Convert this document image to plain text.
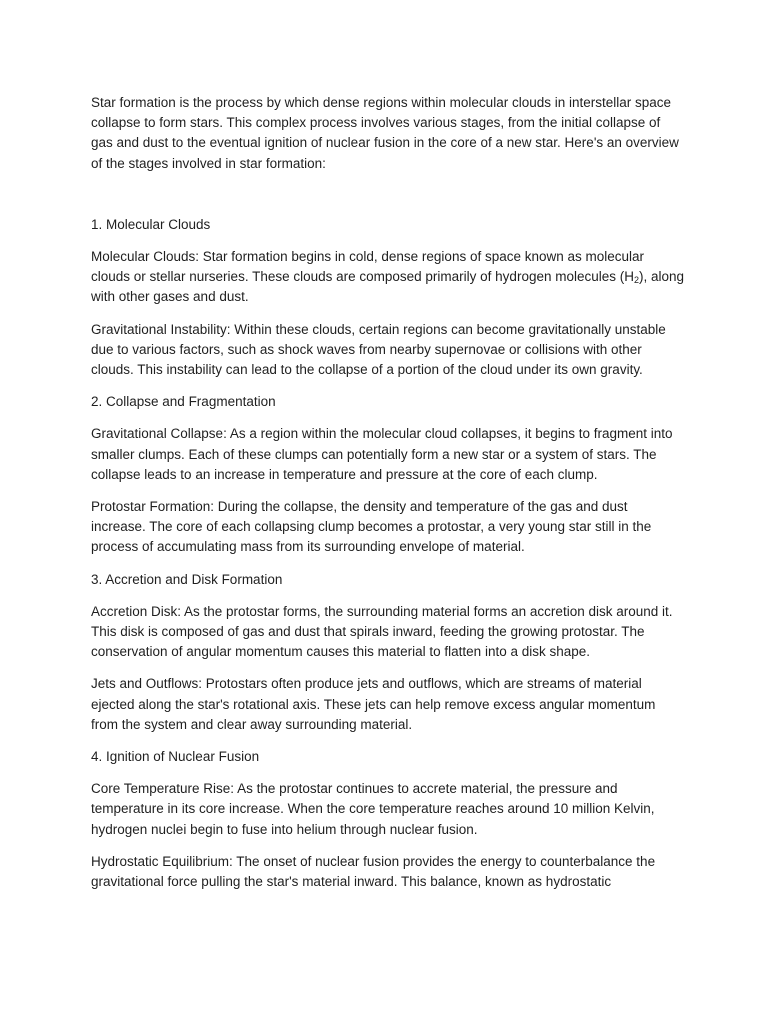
Star formation is the process by which dense regions within molecular clouds in interstellar space collapse to form stars. This complex process involves various stages, from the initial collapse of gas and dust to the eventual ignition of nuclear fusion in the core of a new star. Here's an overview of the stages involved in star formation:

1. Molecular Clouds

Molecular Clouds: Star formation begins in cold, dense regions of space known as molecular clouds or stellar nurseries. These clouds are composed primarily of hydrogen molecules $(H_2)$, along with other gases and dust.

Gravitational Instability: Within these clouds, certain regions can become gravitationally unstable due to various factors, such as shock waves from nearby supernovae or collisions with other clouds. This instability can lead to the collapse of a portion of the cloud under its own gravity.

2. Collapse and Fragmentation

Gravitational Collapse: As a region within the molecular cloud collapses, it begins to fragment into smaller clumps. Each of these clumps can potentially form a new star or a system of stars. The collapse leads to an increase in temperature and pressure at the core of each clump.

Protostar Formation: During the collapse, the density and temperature of the gas and dust increase. The core of each collapsing clump becomes a protostar, a very young star still in the process of accumulating mass from its surrounding envelope of material.

3. Accretion and Disk Formation

Accretion Disk: As the protostar forms, the surrounding material forms an accretion disk around it. This disk is composed of gas and dust that spirals inward, feeding the growing protostar. The conservation of angular momentum causes this material to flatten into a disk shape.

Jets and Outflows: Protostars often produce jets and outflows, which are streams of material ejected along the star's rotational axis. These jets can help remove excess angular momentum from the system and clear away surrounding material.

4. Ignition of Nuclear Fusion

Core Temperature Rise: As the protostar continues to accrete material, the pressure and temperature in its core increase. When the core temperature reaches around 10 million Kelvin, hydrogen nuclei begin to fuse into helium through nuclear fusion.

Hydrostatic Equilibrium: The onset of nuclear fusion provides the energy to counterbalance the gravitational force pulling the star's material inward. This balance, known as hydrostatic
